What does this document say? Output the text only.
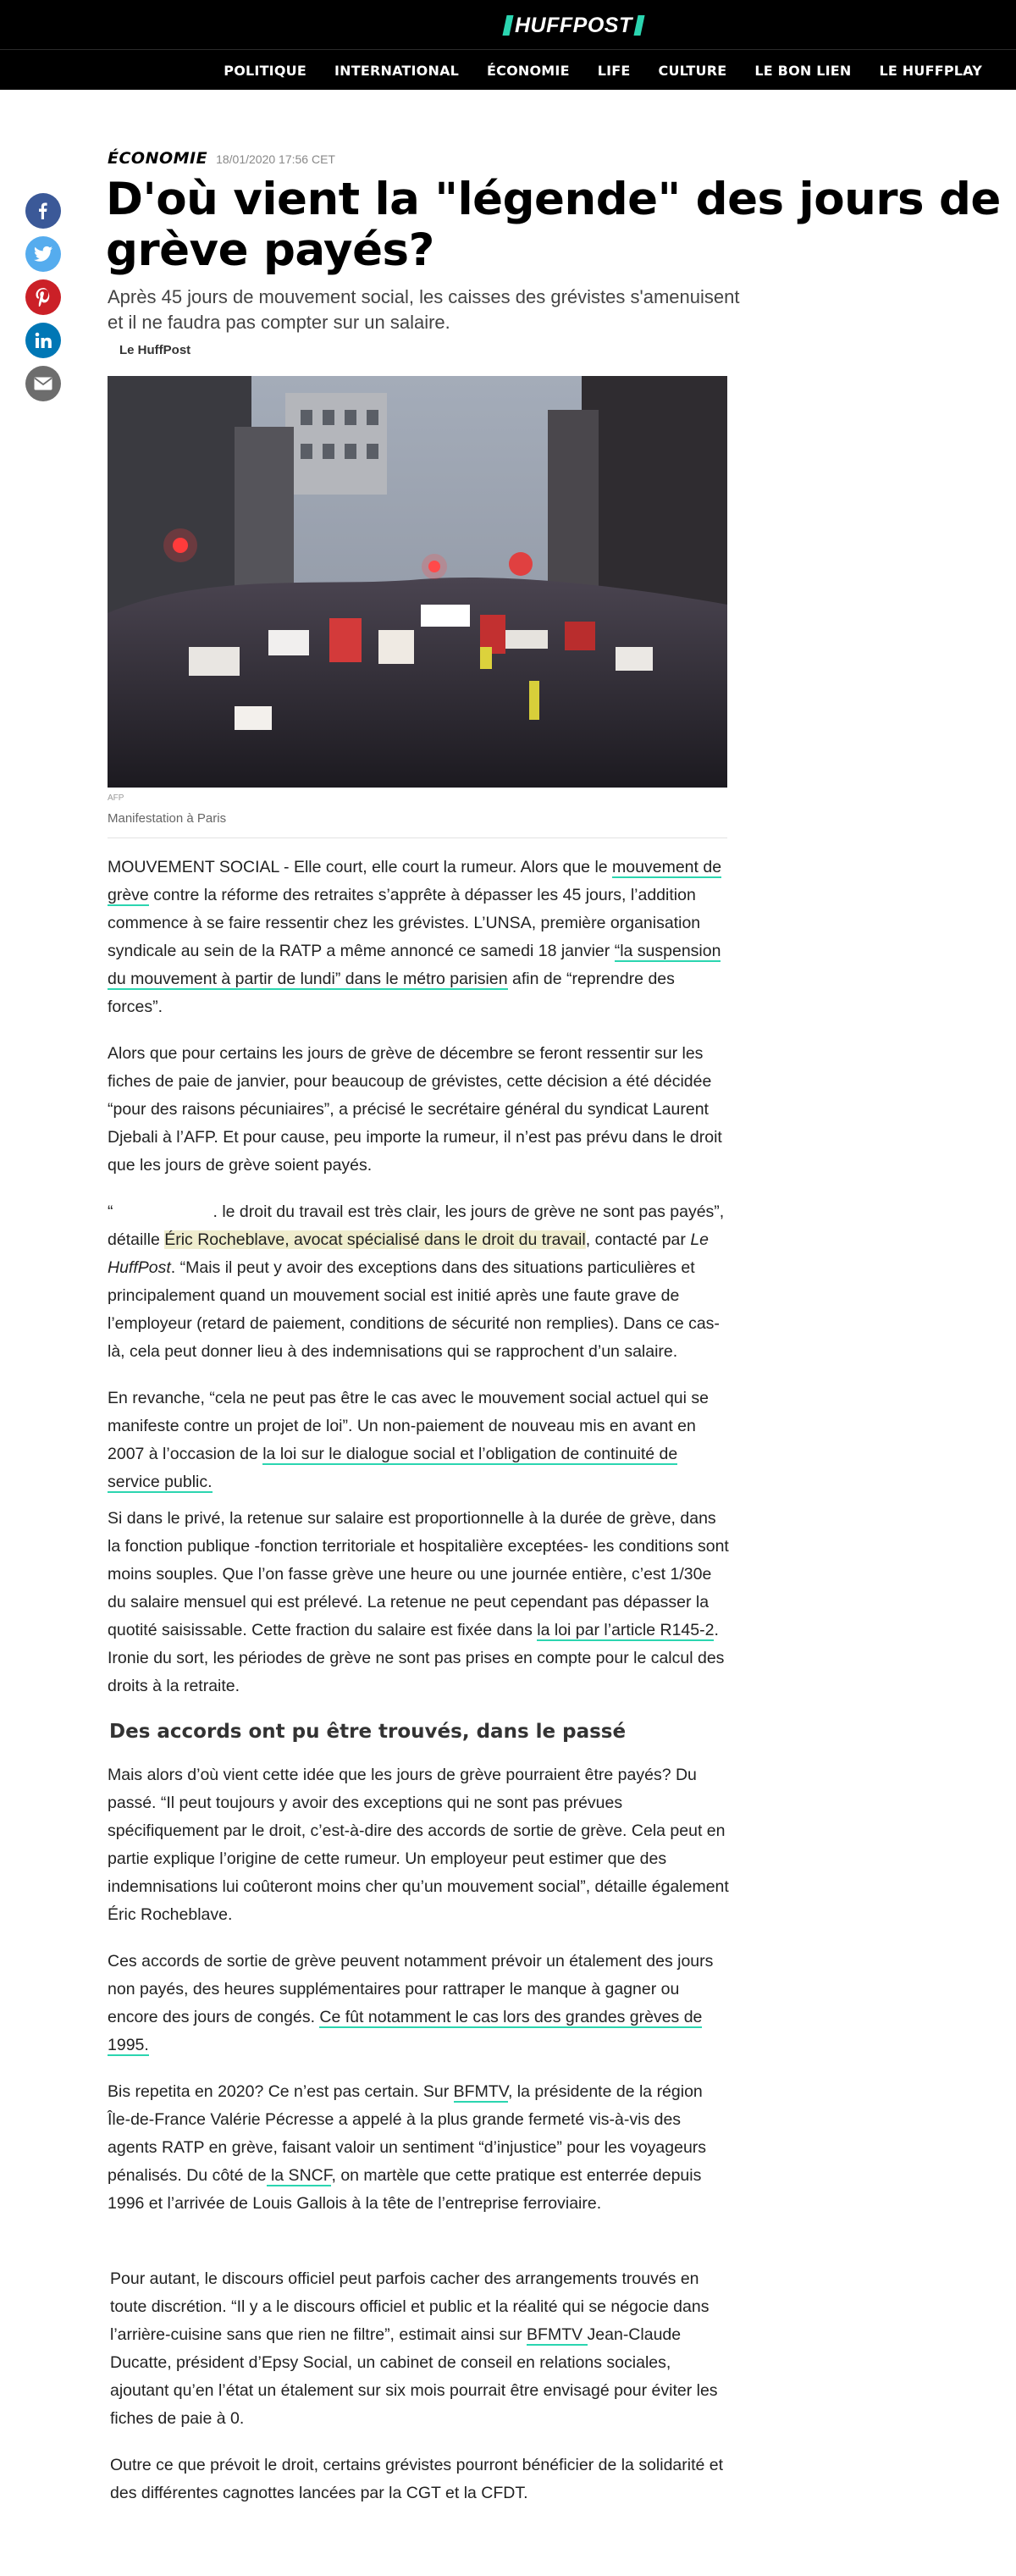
HUFFPOST
POLITIQUE INTERNATIONAL ÉCONOMIE LIFE CULTURE LE BON LIEN LE HUFFPLAY
ÉCONOMIE 18/01/2020 17:56 CET
D'où vient la "légende" des jours de grève payés?
Après 45 jours de mouvement social, les caisses des grévistes s'amenuisent et il ne faudra pas compter sur un salaire.
Le HuffPost
AFP
Manifestation à Paris

MOUVEMENT SOCIAL - Elle court, elle court la rumeur. Alors que le mouvement de grève contre la réforme des retraites s’apprête à dépasser les 45 jours, l’addition commence à se faire ressentir chez les grévistes. L’UNSA, première organisation syndicale au sein de la RATP a même annoncé ce samedi 18 janvier “la suspension du mouvement à partir de lundi” dans le métro parisien afin de “reprendre des forces”.

Alors que pour certains les jours de grève de décembre se feront ressentir sur les fiches de paie de janvier, pour beaucoup de grévistes, cette décision a été décidée “pour des raisons pécuniaires”, a précisé le secrétaire général du syndicat Laurent Djebali à l’AFP. Et pour cause, peu importe la rumeur, il n’est pas prévu dans le droit que les jours de grève soient payés.

“	. le droit du travail est très clair, les jours de grève ne sont pas payés”, détaille Éric Rocheblave, avocat spécialisé dans le droit du travail, contacté par Le HuffPost. “Mais il peut y avoir des exceptions dans des situations particulières et principalement quand un mouvement social est initié après une faute grave de l’employeur (retard de paiement, conditions de sécurité non remplies). Dans ce cas-là, cela peut donner lieu à des indemnisations qui se rapprochent d’un salaire.

En revanche, “cela ne peut pas être le cas avec le mouvement social actuel qui se manifeste contre un projet de loi”. Un non-paiement de nouveau mis en avant en 2007 à l’occasion de la loi sur le dialogue social et l’obligation de continuité de service public.

Si dans le privé, la retenue sur salaire est proportionnelle à la durée de grève, dans la fonction publique -fonction territoriale et hospitalière exceptées- les conditions sont moins souples. Que l’on fasse grève une heure ou une journée entière, c’est 1/30e du salaire mensuel qui est prélevé. La retenue ne peut cependant pas dépasser la quotité saisissable. Cette fraction du salaire est fixée dans la loi par l’article R145-2. Ironie du sort, les périodes de grève ne sont pas prises en compte pour le calcul des droits à la retraite.

Des accords ont pu être trouvés, dans le passé

Mais alors d’où vient cette idée que les jours de grève pourraient être payés? Du passé. “Il peut toujours y avoir des exceptions qui ne sont pas prévues spécifiquement par le droit, c’est-à-dire des accords de sortie de grève. Cela peut en partie explique l’origine de cette rumeur. Un employeur peut estimer que des indemnisations lui coûteront moins cher qu’un mouvement social”, détaille également Éric Rocheblave.

Ces accords de sortie de grève peuvent notamment prévoir un étalement des jours non payés, des heures supplémentaires pour rattraper le manque à gagner ou encore des jours de congés. Ce fût notamment le cas lors des grandes grèves de 1995.

Bis repetita en 2020? Ce n’est pas certain. Sur BFMTV, la présidente de la région Île-de-France Valérie Pécresse a appelé à la plus grande fermeté vis-à-vis des agents RATP en grève, faisant valoir un sentiment “d’injustice” pour les voyageurs pénalisés. Du côté de la SNCF, on martèle que cette pratique est enterrée depuis 1996 et l’arrivée de Louis Gallois à la tête de l’entreprise ferroviaire.

Pour autant, le discours officiel peut parfois cacher des arrangements trouvés en toute discrétion. “Il y a le discours officiel et public et la réalité qui se négocie dans l’arrière-cuisine sans que rien ne filtre”, estimait ainsi sur BFMTV Jean-Claude Ducatte, président d’Epsy Social, un cabinet de conseil en relations sociales, ajoutant qu’en l’état un étalement sur six mois pourrait être envisagé pour éviter les fiches de paie à 0.

Outre ce que prévoit le droit, certains grévistes pourront bénéficier de la solidarité et des différentes cagnottes lancées par la CGT et la CFDT.
